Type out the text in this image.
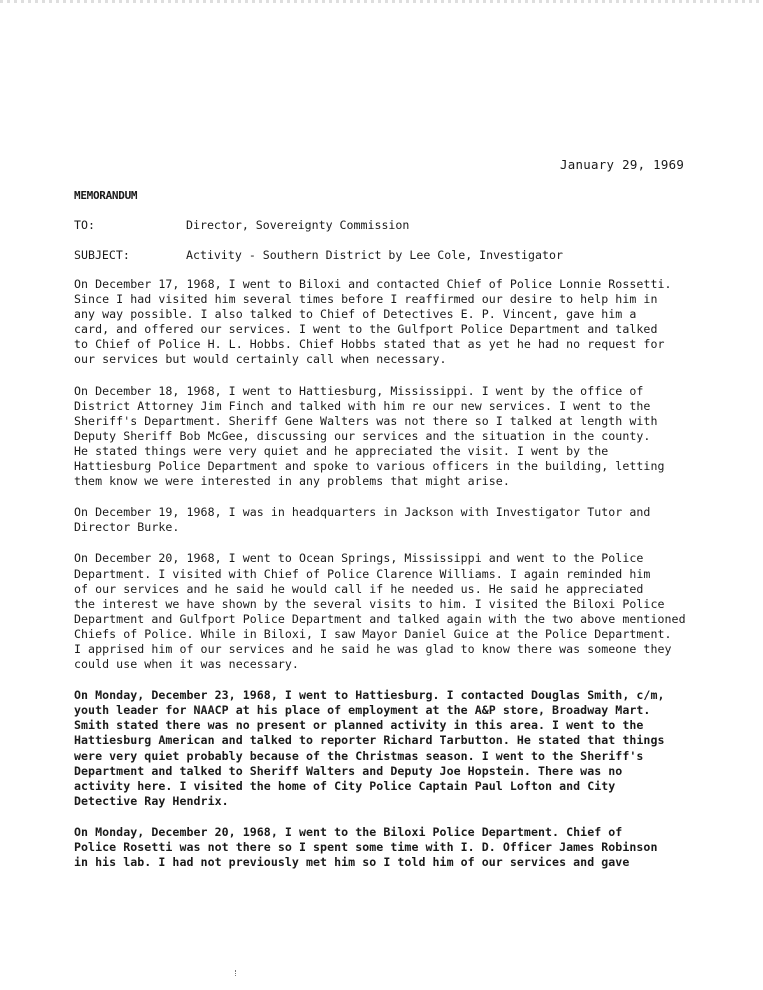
January 29, 1969
MEMORANDUM
TO:	Director, Sovereignty Commission
SUBJECT:	Activity - Southern District by Lee Cole, Investigator

On December 17, 1968, I went to Biloxi and contacted Chief of Police Lonnie Rossetti.
Since I had visited him several times before I reaffirmed our desire to help him in
any way possible. I also talked to Chief of Detectives E. P. Vincent, gave him a
card, and offered our services. I went to the Gulfport Police Department and talked
to Chief of Police H. L. Hobbs. Chief Hobbs stated that as yet he had no request for
our services but would certainly call when necessary.

On December 18, 1968, I went to Hattiesburg, Mississippi. I went by the office of
District Attorney Jim Finch and talked with him re our new services. I went to the
Sheriff's Department. Sheriff Gene Walters was not there so I talked at length with
Deputy Sheriff Bob McGee, discussing our services and the situation in the county.
He stated things were very quiet and he appreciated the visit. I went by the
Hattiesburg Police Department and spoke to various officers in the building, letting
them know we were interested in any problems that might arise.

On December 19, 1968, I was in headquarters in Jackson with Investigator Tutor and
Director Burke.

On December 20, 1968, I went to Ocean Springs, Mississippi and went to the Police
Department. I visited with Chief of Police Clarence Williams. I again reminded him
of our services and he said he would call if he needed us. He said he appreciated
the interest we have shown by the several visits to him. I visited the Biloxi Police
Department and Gulfport Police Department and talked again with the two above mentioned
Chiefs of Police. While in Biloxi, I saw Mayor Daniel Guice at the Police Department.
I apprised him of our services and he said he was glad to know there was someone they
could use when it was necessary.

On Monday, December 23, 1968, I went to Hattiesburg. I contacted Douglas Smith, c/m,
youth leader for NAACP at his place of employment at the A&P store, Broadway Mart.
Smith stated there was no present or planned activity in this area. I went to the
Hattiesburg American and talked to reporter Richard Tarbutton. He stated that things
were very quiet probably because of the Christmas season. I went to the Sheriff's
Department and talked to Sheriff Walters and Deputy Joe Hopstein. There was no
activity here. I visited the home of City Police Captain Paul Lofton and City
Detective Ray Hendrix.

On Monday, December 20, 1968, I went to the Biloxi Police Department. Chief of
Police Rosetti was not there so I spent some time with I. D. Officer James Robinson
in his lab. I had not previously met him so I told him of our services and gave
